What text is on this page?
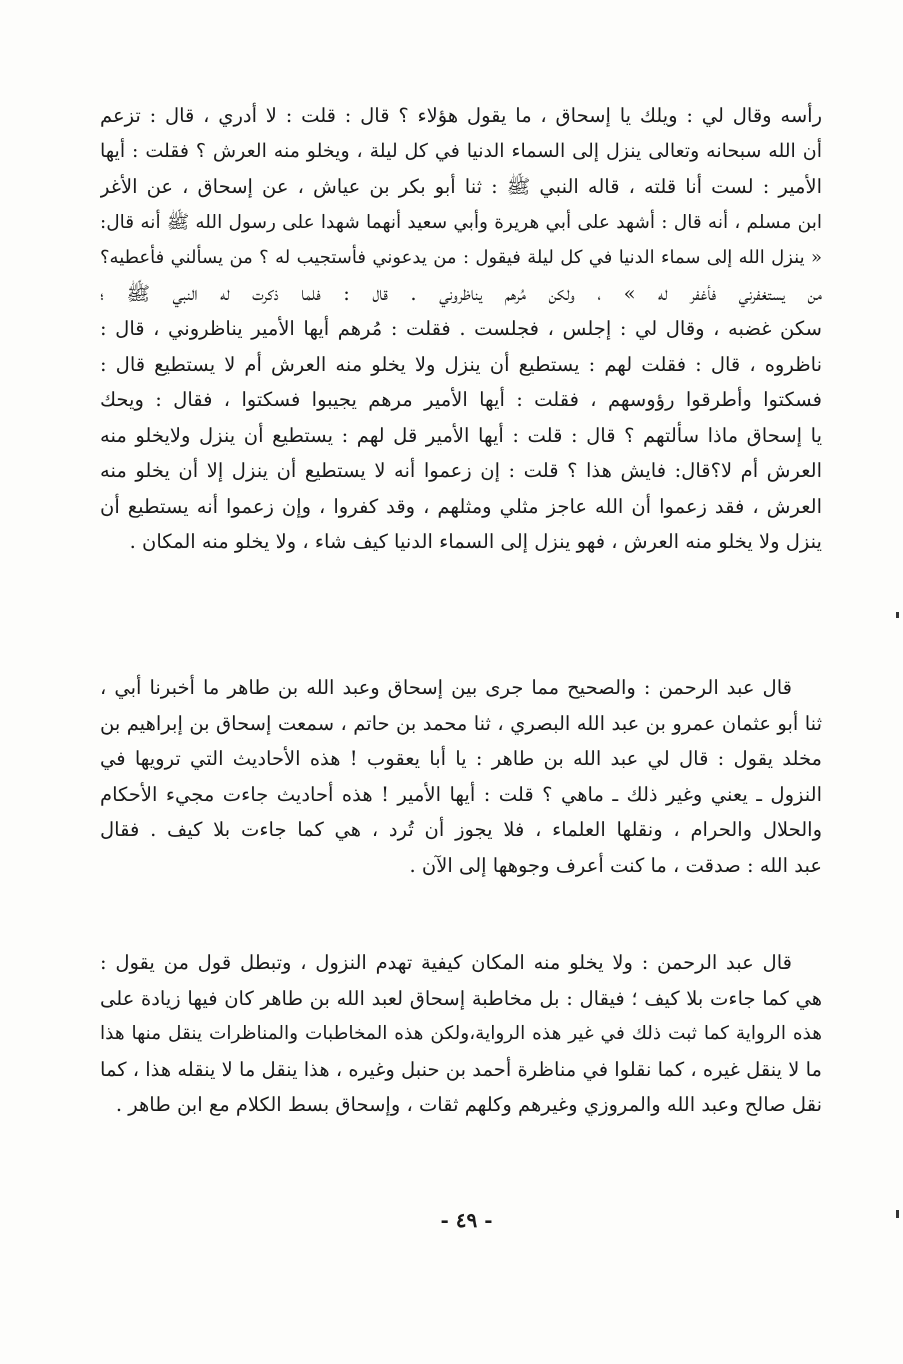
رأسه وقال لي : ويلك يا إسحاق ، ما يقول هؤلاء ؟ قال : قلت : لا أدري ، قال : تزعم
أن الله سبحانه وتعالى ينزل إلى السماء الدنيا في كل ليلة ، ويخلو منه العرش ؟ فقلت : أيها
الأمير : لست أنا قلته ، قاله النبي ﷺ : ثنا أبو بكر بن عياش ، عن إسحاق ، عن الأغر
ابن مسلم ، أنه قال : أشهد على أبي هريرة وأبي سعيد أنهما شهدا على رسول الله ﷺ أنه قال:
« ينزل الله إلى سماء الدنيا في كل ليلة فيقول : من يدعوني فأستجيب له ؟ من يسألني فأعطيه؟
من يستغفرني فأغفر له » ، ولكن مُرهم يناظروني . قال : فلما ذكرت له النبي ﷺ ؛
سكن غضبه ، وقال لي : إجلس ، فجلست . فقلت : مُرهم أيها الأمير يناظروني ، قال :
ناظروه ، قال : فقلت لهم : يستطيع أن ينزل ولا يخلو منه العرش أم لا يستطيع قال :
فسكتوا وأطرقوا رؤوسهم ، فقلت : أيها الأمير مرهم يجيبوا فسكتوا ، فقال : ويحك
يا إسحاق ماذا سألتهم ؟ قال : قلت : أيها الأمير قل لهم : يستطيع أن ينزل ولايخلو منه
العرش أم لا؟قال: فايش هذا ؟ قلت : إن زعموا أنه لا يستطيع أن ينزل إلا أن يخلو منه
العرش ، فقد زعموا أن الله عاجز مثلي ومثلهم ، وقد كفروا ، وإن زعموا أنه يستطيع أن
ينزل ولا يخلو منه العرش ، فهو ينزل إلى السماء الدنيا كيف شاء ، ولا يخلو منه المكان .
قال عبد الرحمن : والصحيح مما جرى بين إسحاق وعبد الله بن طاهر ما أخبرنا أبي ،
ثنا أبو عثمان عمرو بن عبد الله البصري ، ثنا محمد بن حاتم ، سمعت إسحاق بن إبراهيم بن
مخلد يقول : قال لي عبد الله بن طاهر : يا أبا يعقوب ! هذه الأحاديث التي ترويها في
النزول ـ يعني وغير ذلك ـ ماهي ؟ قلت : أيها الأمير ! هذه أحاديث جاءت مجيء الأحكام
والحلال والحرام ، ونقلها العلماء ، فلا يجوز أن تُرد ، هي كما جاءت بلا كيف . فقال
عبد الله : صدقت ، ما كنت أعرف وجوهها إلى الآن .
قال عبد الرحمن : ولا يخلو منه المكان كيفية تهدم النزول ، وتبطل قول من يقول :
هي كما جاءت بلا كيف ؛ فيقال : بل مخاطبة إسحاق لعبد الله بن طاهر كان فيها زيادة على
هذه الرواية كما ثبت ذلك في غير هذه الرواية،ولكن هذه المخاطبات والمناظرات ينقل منها هذا
ما لا ينقل غيره ، كما نقلوا في مناظرة أحمد بن حنبل وغيره ، هذا ينقل ما لا ينقله هذا ، كما
نقل صالح وعبد الله والمروزي وغيرهم وكلهم ثقات ، وإسحاق بسط الكلام مع ابن طاهر .
- ٤٩ -
